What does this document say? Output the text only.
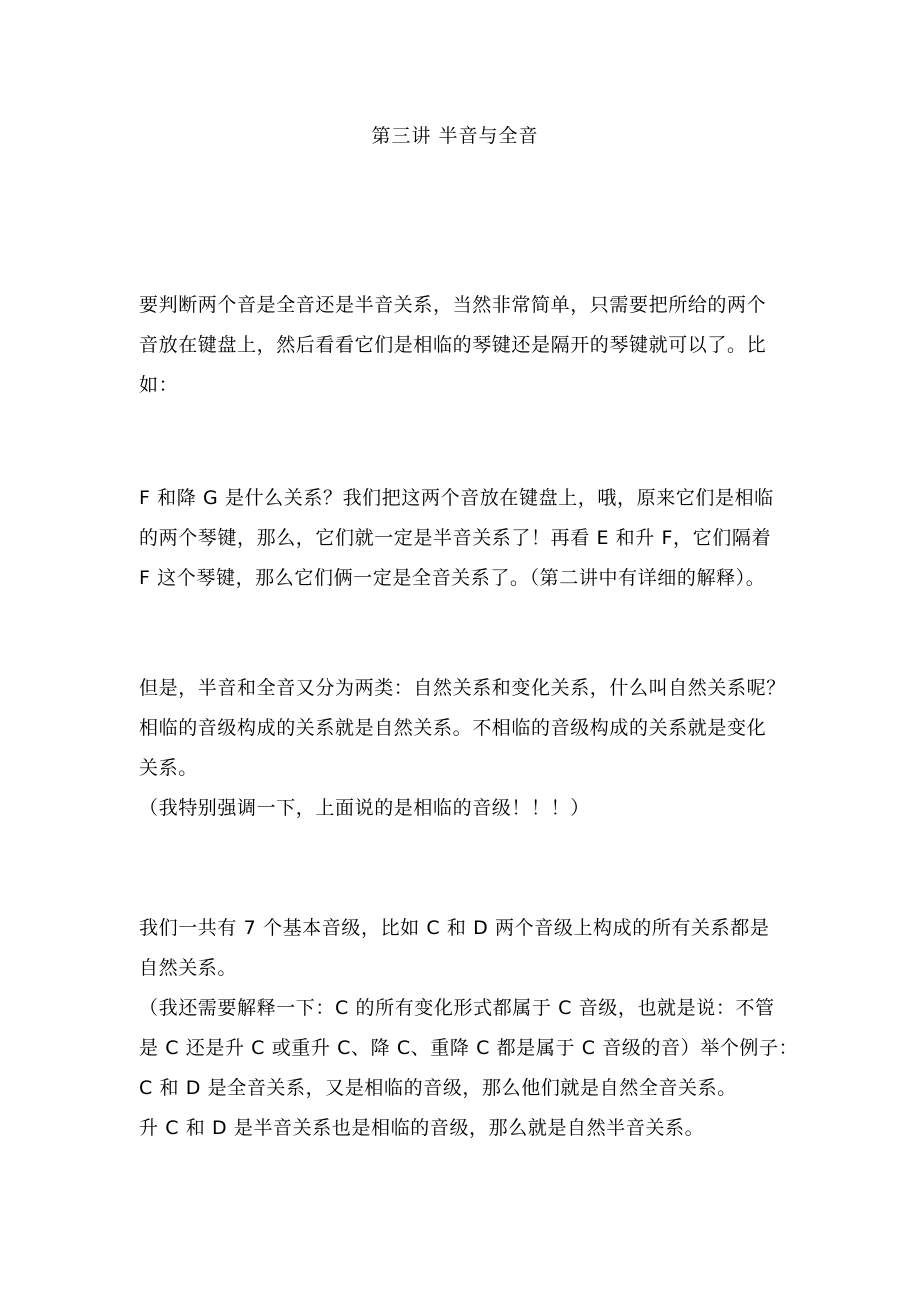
第三讲 半音与全音
要判断两个音是全音还是半音关系，当然非常简单，只需要把所给的两个
音放在键盘上，然后看看它们是相临的琴键还是隔开的琴键就可以了。比
如：
F 和降 G 是什么关系？我们把这两个音放在键盘上，哦，原来它们是相临
的两个琴键，那么，它们就一定是半音关系了！再看 E 和升 F，它们隔着
F 这个琴键，那么它们俩一定是全音关系了。（第二讲中有详细的解释）。
但是，半音和全音又分为两类：自然关系和变化关系，什么叫自然关系呢？
相临的音级构成的关系就是自然关系。不相临的音级构成的关系就是变化
关系。
（我特别强调一下，上面说的是相临的音级！！！）
我们一共有 7 个基本音级，比如 C 和 D 两个音级上构成的所有关系都是
自然关系。
（我还需要解释一下：C 的所有变化形式都属于 C 音级，也就是说：不管
是 C 还是升 C 或重升 C、降 C、重降 C 都是属于 C 音级的音）举个例子：
C 和 D 是全音关系，又是相临的音级，那么他们就是自然全音关系。
升 C 和 D 是半音关系也是相临的音级，那么就是自然半音关系。
